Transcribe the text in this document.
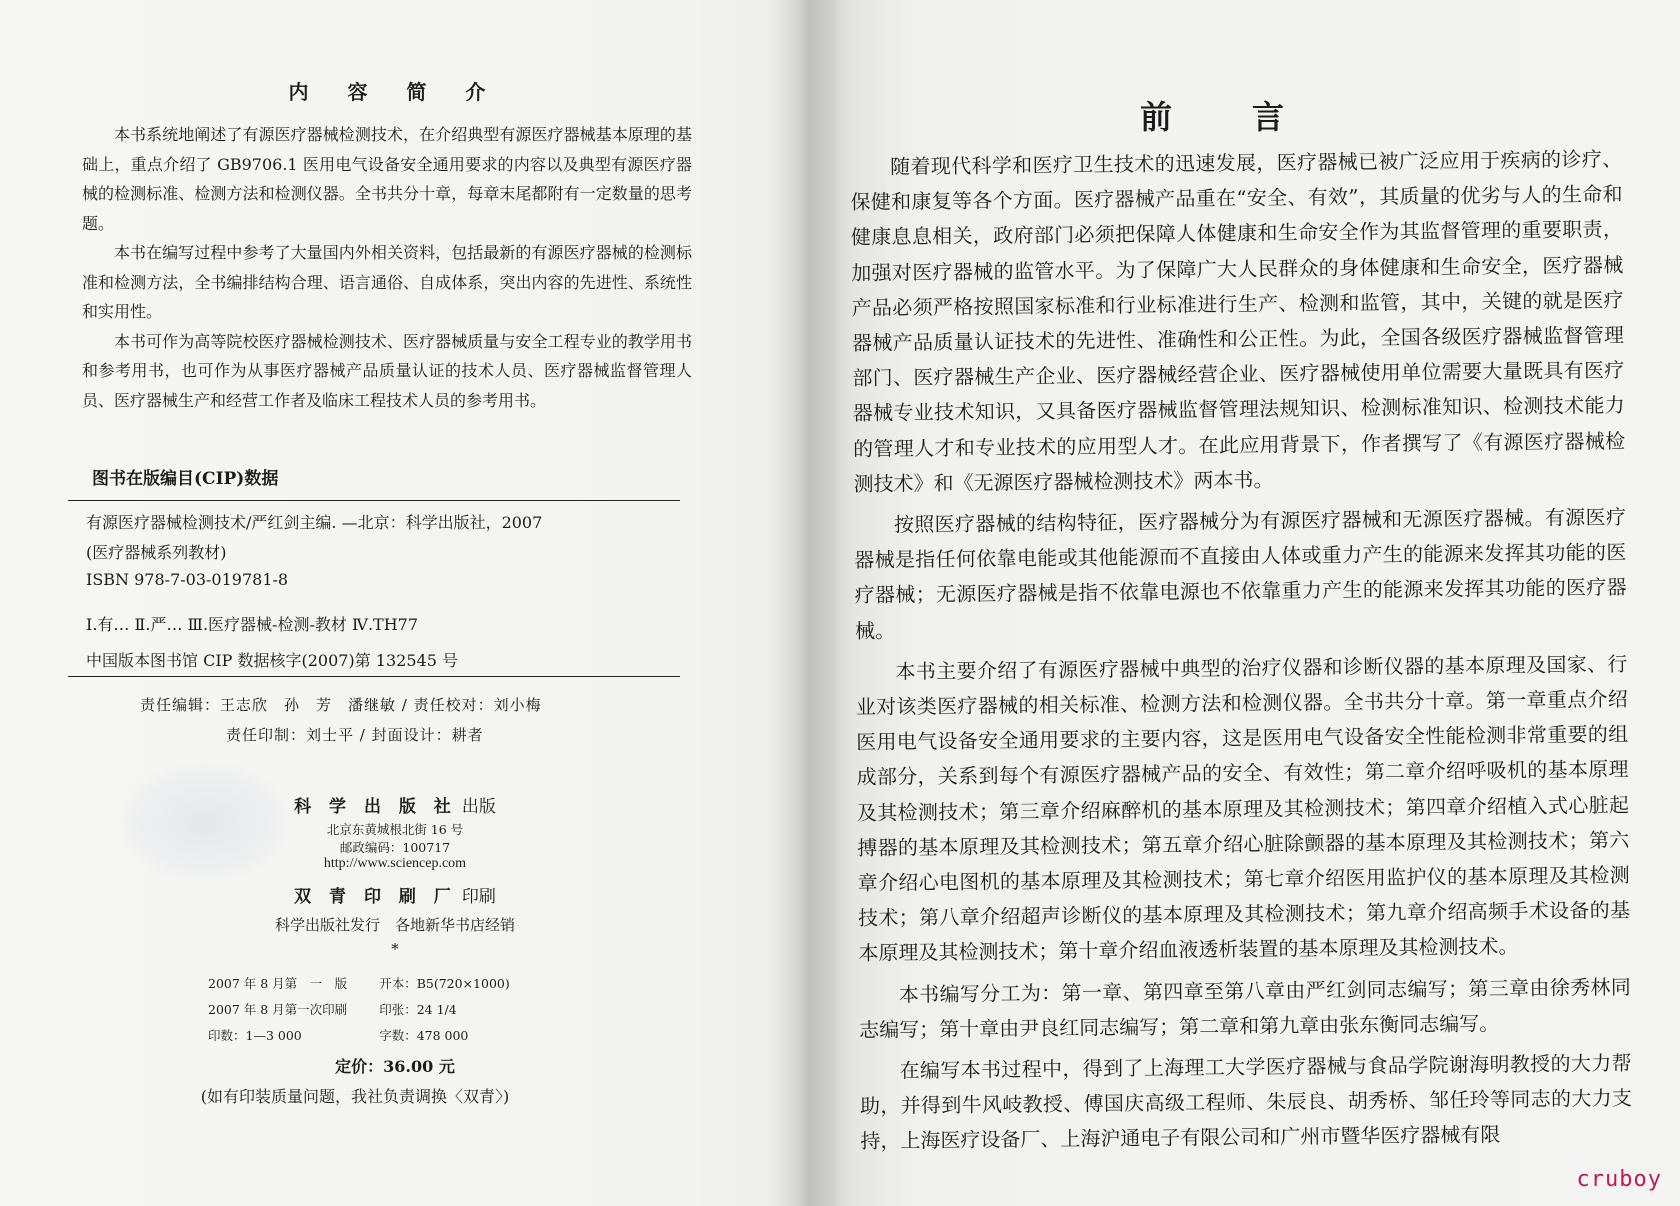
内 容 简 介

本书系统地阐述了有源医疗器械检测技术，在介绍典型有源医疗器械基本原理的基础上，重点介绍了 GB9706.1 医用电气设备安全通用要求的内容以及典型有源医疗器械的检测标准、检测方法和检测仪器。全书共分十章，每章末尾都附有一定数量的思考题。

本书在编写过程中参考了大量国内外相关资料，包括最新的有源医疗器械的检测标准和检测方法，全书编排结构合理、语言通俗、自成体系，突出内容的先进性、系统性和实用性。

本书可作为高等院校医疗器械检测技术、医疗器械质量与安全工程专业的教学用书和参考用书，也可作为从事医疗器械产品质量认证的技术人员、医疗器械监督管理人员、医疗器械生产和经营工作者及临床工程技术人员的参考用书。

图书在版编目(CIP)数据
有源医疗器械检测技术/严红剑主编. —北京：科学出版社，2007
(医疗器械系列教材)
ISBN 978-7-03-019781-8
Ⅰ.有… Ⅱ.严… Ⅲ.医疗器械-检测-教材 Ⅳ.TH77
中国版本图书馆 CIP 数据核字(2007)第 132545 号
责任编辑：王志欣　孙　芳　潘继敏 / 责任校对：刘小梅
责任印制：刘士平 / 封面设计：耕者
科 学 出 版 社 出版
北京东黄城根北街 16 号
邮政编码：100717
http://www.sciencep.com
双 青 印 刷 厂 印刷
科学出版社发行　各地新华书店经销
*
2007 年 8 月第　一　版	开本：B5(720×1000)
2007 年 8 月第一次印刷	印张：24 1/4
印数：1—3 000	字数：478 000
定价：36.00 元
(如有印装质量问题，我社负责调换〈双青〉)
前言

随着现代科学和医疗卫生技术的迅速发展，医疗器械已被广泛应用于疾病的诊疗、保健和康复等各个方面。医疗器械产品重在“安全、有效”，其质量的优劣与人的生命和健康息息相关，政府部门必须把保障人体健康和生命安全作为其监督管理的重要职责，加强对医疗器械的监管水平。为了保障广大人民群众的身体健康和生命安全，医疗器械产品必须严格按照国家标准和行业标准进行生产、检测和监管，其中，关键的就是医疗器械产品质量认证技术的先进性、准确性和公正性。为此，全国各级医疗器械监督管理部门、医疗器械生产企业、医疗器械经营企业、医疗器械使用单位需要大量既具有医疗器械专业技术知识，又具备医疗器械监督管理法规知识、检测标准知识、检测技术能力的管理人才和专业技术的应用型人才。在此应用背景下，作者撰写了《有源医疗器械检测技术》和《无源医疗器械检测技术》两本书。

按照医疗器械的结构特征，医疗器械分为有源医疗器械和无源医疗器械。有源医疗器械是指任何依靠电能或其他能源而不直接由人体或重力产生的能源来发挥其功能的医疗器械；无源医疗器械是指不依靠电源也不依靠重力产生的能源来发挥其功能的医疗器械。

本书主要介绍了有源医疗器械中典型的治疗仪器和诊断仪器的基本原理及国家、行业对该类医疗器械的相关标准、检测方法和检测仪器。全书共分十章。第一章重点介绍医用电气设备安全通用要求的主要内容，这是医用电气设备安全性能检测非常重要的组成部分，关系到每个有源医疗器械产品的安全、有效性；第二章介绍呼吸机的基本原理及其检测技术；第三章介绍麻醉机的基本原理及其检测技术；第四章介绍植入式心脏起搏器的基本原理及其检测技术；第五章介绍心脏除颤器的基本原理及其检测技术；第六章介绍心电图机的基本原理及其检测技术；第七章介绍医用监护仪的基本原理及其检测技术；第八章介绍超声诊断仪的基本原理及其检测技术；第九章介绍高频手术设备的基本原理及其检测技术；第十章介绍血液透析装置的基本原理及其检测技术。

本书编写分工为：第一章、第四章至第八章由严红剑同志编写；第三章由徐秀林同志编写；第十章由尹良红同志编写；第二章和第九章由张东衡同志编写。

在编写本书过程中，得到了上海理工大学医疗器械与食品学院谢海明教授的大力帮助，并得到牛风岐教授、傅国庆高级工程师、朱辰良、胡秀桥、邹任玲等同志的大力支持，上海医疗设备厂、上海沪通电子有限公司和广州市暨华医疗器械有限

cruboy
